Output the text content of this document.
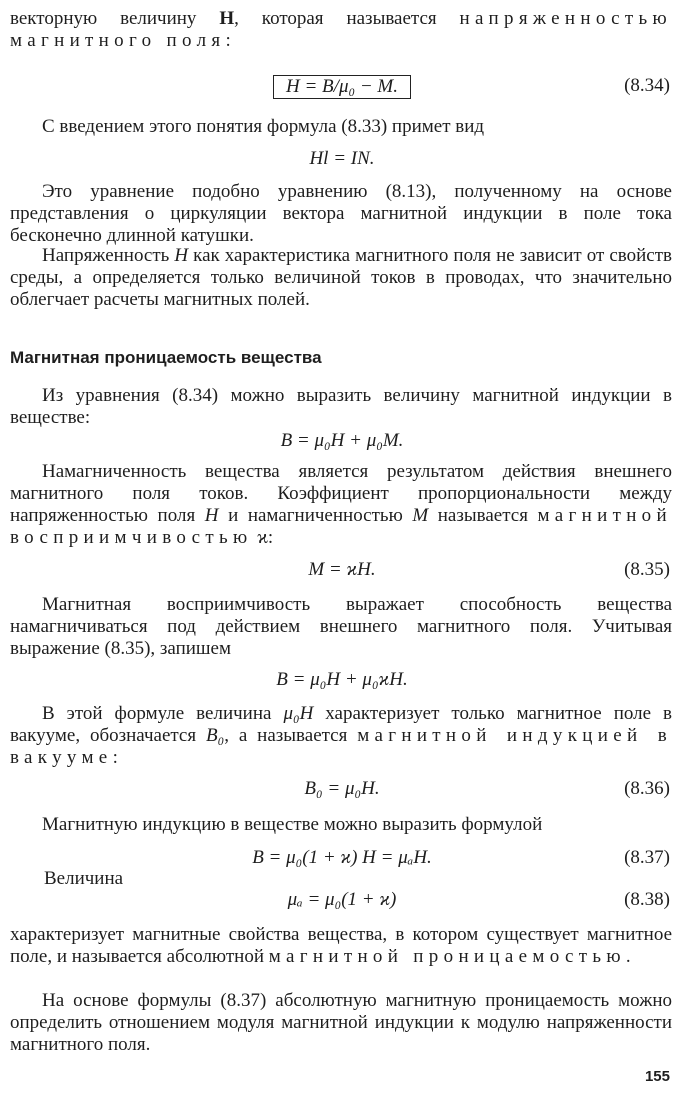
векторную величину H, которая называется напряженностью магнитного поля:
H = B/μ₀ − M.	(8.34)
С введением этого понятия формула (8.33) примет вид
Hl = IN.
Это уравнение подобно уравнению (8.13), полученному на основе представления о циркуляции вектора магнитной индукции в поле тока бесконечно длинной катушки.
Напряженность H как характеристика магнитного поля не зависит от свойств среды, а определяется только величиной токов в проводах, что значительно облегчает расчеты магнитных полей.
Магнитная проницаемость вещества
Из уравнения (8.34) можно выразить величину магнитной индукции в веществе:
B = μ₀H + μ₀M.
Намагниченность вещества является результатом действия внешнего магнитного поля токов. Коэффициент пропорциональности между напряженностью поля H и намагниченностью M называется магнитной восприимчивостью ϰ:
M = ϰH.	(8.35)
Магнитная восприимчивость выражает способность вещества намагничиваться под действием внешнего магнитного поля. Учитывая выражение (8.35), запишем
B = μ₀H + μ₀ϰH.
В этой формуле величина μ₀H характеризует только магнитное поле в вакууме, обозначается B₀, а называется магнитной индукцией в вакууме:
B₀ = μ₀H.	(8.36)
Магнитную индукцию в веществе можно выразить формулой
B = μ₀(1 + ϰ) H = μₐH.	(8.37)
Величина
μₐ = μ₀(1 + ϰ)	(8.38)
характеризует магнитные свойства вещества, в котором существует магнитное поле, и называется абсолютной магнитной проницаемостью.
На основе формулы (8.37) абсолютную магнитную проницаемость можно определить отношением модуля магнитной индукции к модулю напряженности магнитного поля.
155
